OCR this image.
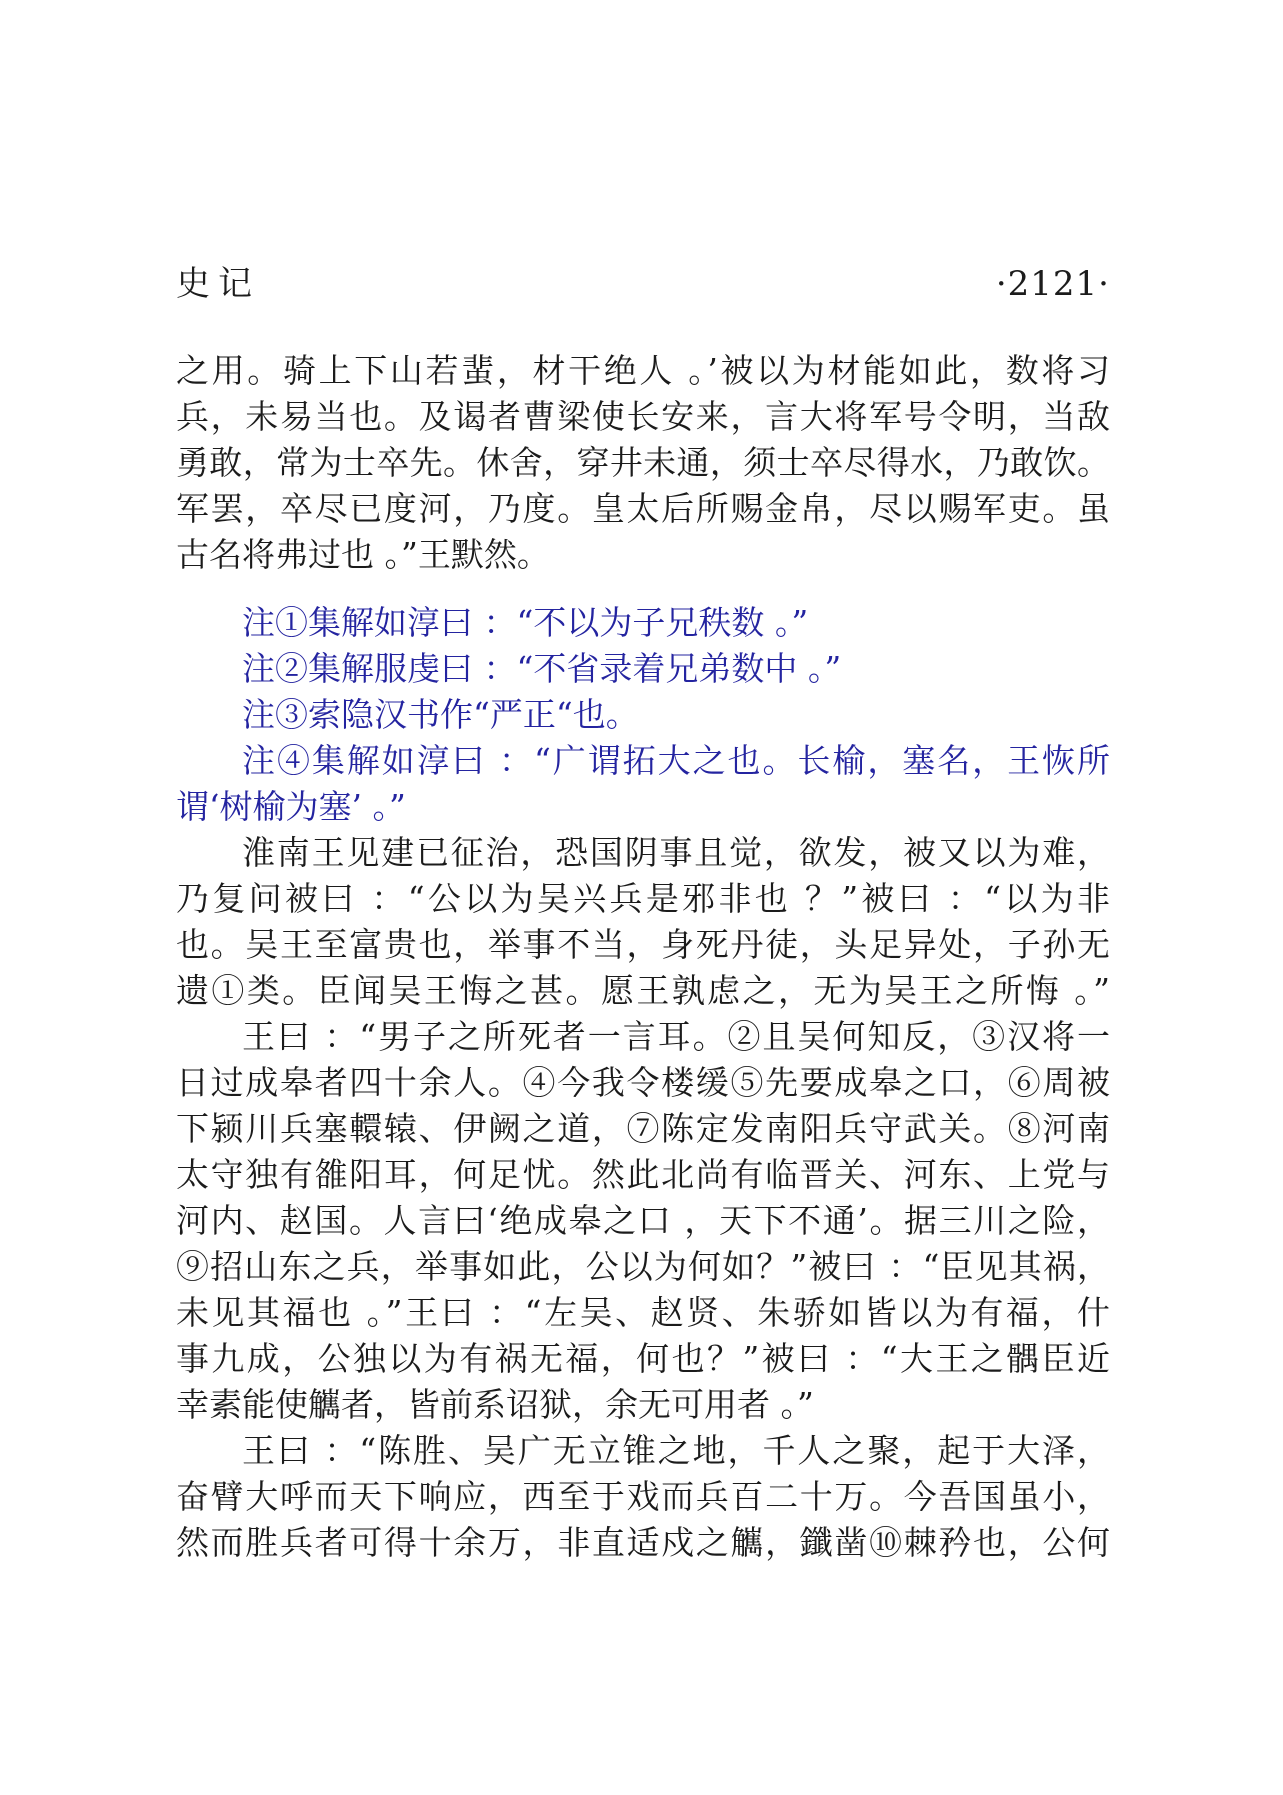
史记	·2121·
之用。骑上下山若蜚，材干绝人 。’被以为材能如此，数将习
兵，未易当也。及谒者曹梁使长安来，言大将军号令明，当敌
勇敢，常为士卒先。休舍，穿井未通，须士卒尽得水，乃敢饮。
军罢，卒尽已度河，乃度。皇太后所赐金帛，尽以赐军吏。虽
古名将弗过也 。”王默然。
注①集解如淳曰 ：“不以为子兄秩数 。”
注②集解服虔曰 ：“不省录着兄弟数中 。”
注③索隐汉书作“严正“也。
注④集解如淳曰 ：“广谓拓大之也。长榆，塞名，王恢所
谓‘树榆为塞’ 。”
淮南王见建已征治，恐国阴事且觉，欲发，被又以为难，
乃复问被曰 ：“公以为吴兴兵是邪非也 ？”被曰 ：“以为非
也。吴王至富贵也，举事不当，身死丹徒，头足异处，子孙无
遗①类。臣闻吴王悔之甚。愿王孰虑之，无为吴王之所悔 。”
王曰 ：“男子之所死者一言耳。②且吴何知反，③汉将一
日过成皋者四十余人。④今我令楼缓⑤先要成皋之口，⑥周被
下颍川兵塞轘辕、伊阙之道，⑦陈定发南阳兵守武关。⑧河南
太守独有雒阳耳，何足忧。然此北尚有临晋关、河东、上党与
河内、赵国。人言曰‘绝成皋之口 ，天下不通’。据三川之险，
⑨招山东之兵，举事如此，公以为何如？”被曰 ：“臣见其祸，
未见其福也 。”王曰 ：“左吴、赵贤、朱骄如皆以为有福，什
事九成，公独以为有祸无福，何也？”被曰 ：“大王之髃臣近
幸素能使觽者，皆前系诏狱，余无可用者 。”
王曰 ：“陈胜、吴广无立锥之地，千人之聚，起于大泽，
奋臂大呼而天下响应，西至于戏而兵百二十万。今吾国虽小，
然而胜兵者可得十余万，非直适戍之觽，鑯凿⑩棘矜也，公何
